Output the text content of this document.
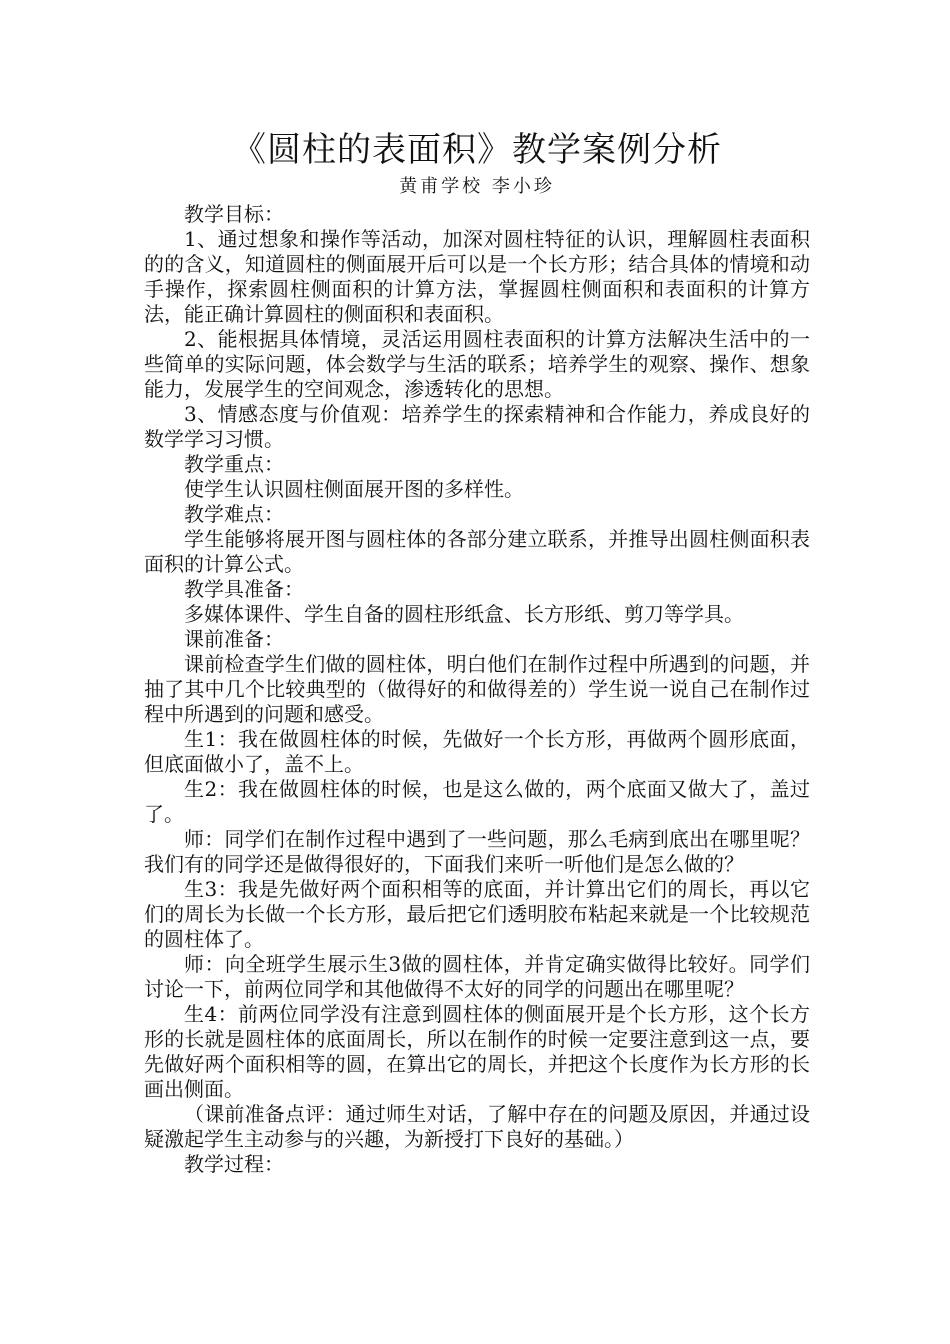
《圆柱的表面积》教学案例分析

黄甫学校 李小珍

教学目标：

1、通过想象和操作等活动，加深对圆柱特征的认识，理解圆柱表面积的的含义，知道圆柱的侧面展开后可以是一个长方形；结合具体的情境和动手操作，探索圆柱侧面积的计算方法，掌握圆柱侧面积和表面积的计算方法，能正确计算圆柱的侧面积和表面积。

2、能根据具体情境，灵活运用圆柱表面积的计算方法解决生活中的一些简单的实际问题，体会数学与生活的联系；培养学生的观察、操作、想象能力，发展学生的空间观念，渗透转化的思想。

3、情感态度与价值观：培养学生的探索精神和合作能力，养成良好的数学学习习惯。

教学重点：

使学生认识圆柱侧面展开图的多样性。

教学难点：

学生能够将展开图与圆柱体的各部分建立联系，并推导出圆柱侧面积表面积的计算公式。

教学具准备：

多媒体课件、学生自备的圆柱形纸盒、长方形纸、剪刀等学具。

课前准备：

课前检查学生们做的圆柱体，明白他们在制作过程中所遇到的问题，并抽了其中几个比较典型的（做得好的和做得差的）学生说一说自己在制作过程中所遇到的问题和感受。

生1：我在做圆柱体的时候，先做好一个长方形，再做两个圆形底面，但底面做小了，盖不上。

生2：我在做圆柱体的时候，也是这么做的，两个底面又做大了，盖过了。

师：同学们在制作过程中遇到了一些问题，那么毛病到底出在哪里呢？我们有的同学还是做得很好的，下面我们来听一听他们是怎么做的？

生3：我是先做好两个面积相等的底面，并计算出它们的周长，再以它们的周长为长做一个长方形，最后把它们透明胶布粘起来就是一个比较规范的圆柱体了。

师：向全班学生展示生3做的圆柱体，并肯定确实做得比较好。同学们讨论一下，前两位同学和其他做得不太好的同学的问题出在哪里呢？

生4：前两位同学没有注意到圆柱体的侧面展开是个长方形，这个长方形的长就是圆柱体的底面周长，所以在制作的时候一定要注意到这一点，要先做好两个面积相等的圆，在算出它的周长，并把这个长度作为长方形的长画出侧面。

（课前准备点评：通过师生对话，了解中存在的问题及原因，并通过设疑激起学生主动参与的兴趣，为新授打下良好的基础。）

教学过程：
